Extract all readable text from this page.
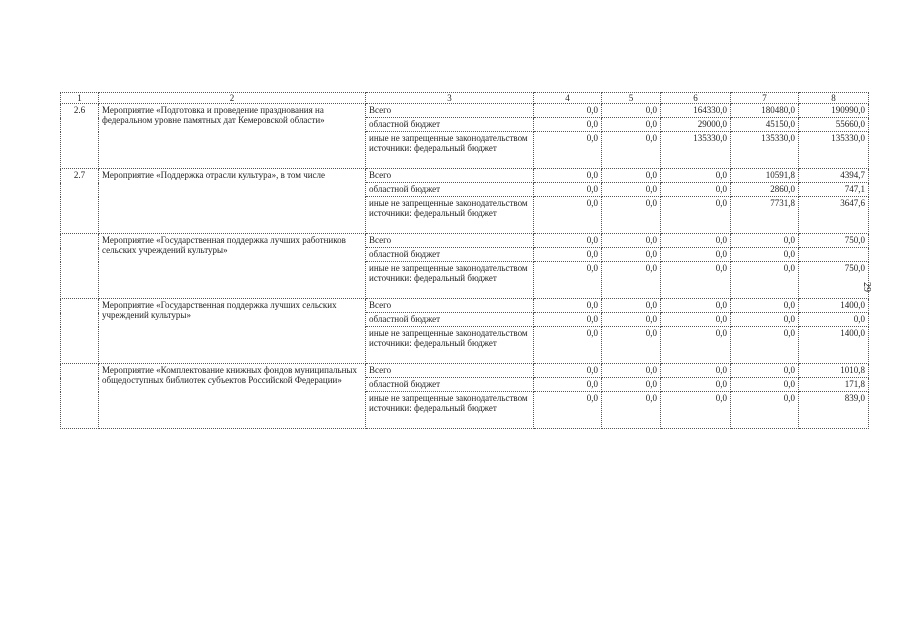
1	2	3	4	5	6	7	8
2.6	Мероприятие «Подготовка и проведение празднования на федеральном уровне памятных дат Кемеровской области»	Всего	0,0	0,0	164330,0	180480,0	190990,0
		областной бюджет	0,0	0,0	29000,0	45150,0	55660,0
		иные не запрещенные законодательством источники: федеральный бюджет	0,0	0,0	135330,0	135330,0	135330,0
2.7	Мероприятие «Поддержка отрасли культура», в том числе	Всего	0,0	0,0	0,0	10591,8	4394,7
		областной бюджет	0,0	0,0	0,0	2860,0	747,1
		иные не запрещенные законодательством источники: федеральный бюджет	0,0	0,0	0,0	7731,8	3647,6
	Мероприятие «Государственная поддержка лучших работников сельских учреждений культуры»	Всего	0,0	0,0	0,0	0,0	750,0
		областной бюджет	0,0	0,0	0,0	0,0	
		иные не запрещенные законодательством источники: федеральный бюджет	0,0	0,0	0,0	0,0	750,0
	Мероприятие «Государственная поддержка лучших сельских учреждений культуры»	Всего	0,0	0,0	0,0	0,0	1400,0
		областной бюджет	0,0	0,0	0,0	0,0	0,0
		иные не запрещенные законодательством источники: федеральный бюджет	0,0	0,0	0,0	0,0	1400,0
	Мероприятие «Комплектование книжных фондов муниципальных общедоступных библиотек субъектов Российской Федерации»	Всего	0,0	0,0	0,0	0,0	1010,8
		областной бюджет	0,0	0,0	0,0	0,0	171,8
		иные не запрещенные законодательством источники: федеральный бюджет	0,0	0,0	0,0	0,0	839,0
29
